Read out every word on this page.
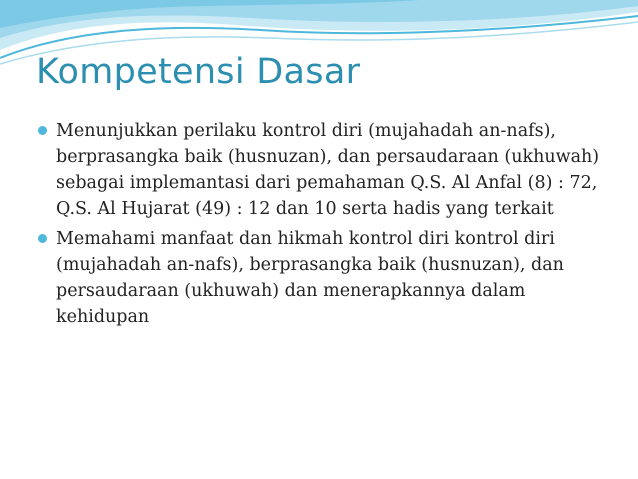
Kompetensi Dasar
Menunjukkan perilaku kontrol diri (mujahadah an-nafs), berprasangka baik (husnuzan), dan persaudaraan (ukhuwah) sebagai implemantasi dari pemahaman Q.S. Al Anfal (8) : 72, Q.S. Al Hujarat (49) : 12 dan 10 serta hadis yang terkait
Memahami manfaat dan hikmah kontrol diri kontrol diri (mujahadah an-nafs), berprasangka baik (husnuzan), dan persaudaraan (ukhuwah) dan menerapkannya dalam kehidupan
